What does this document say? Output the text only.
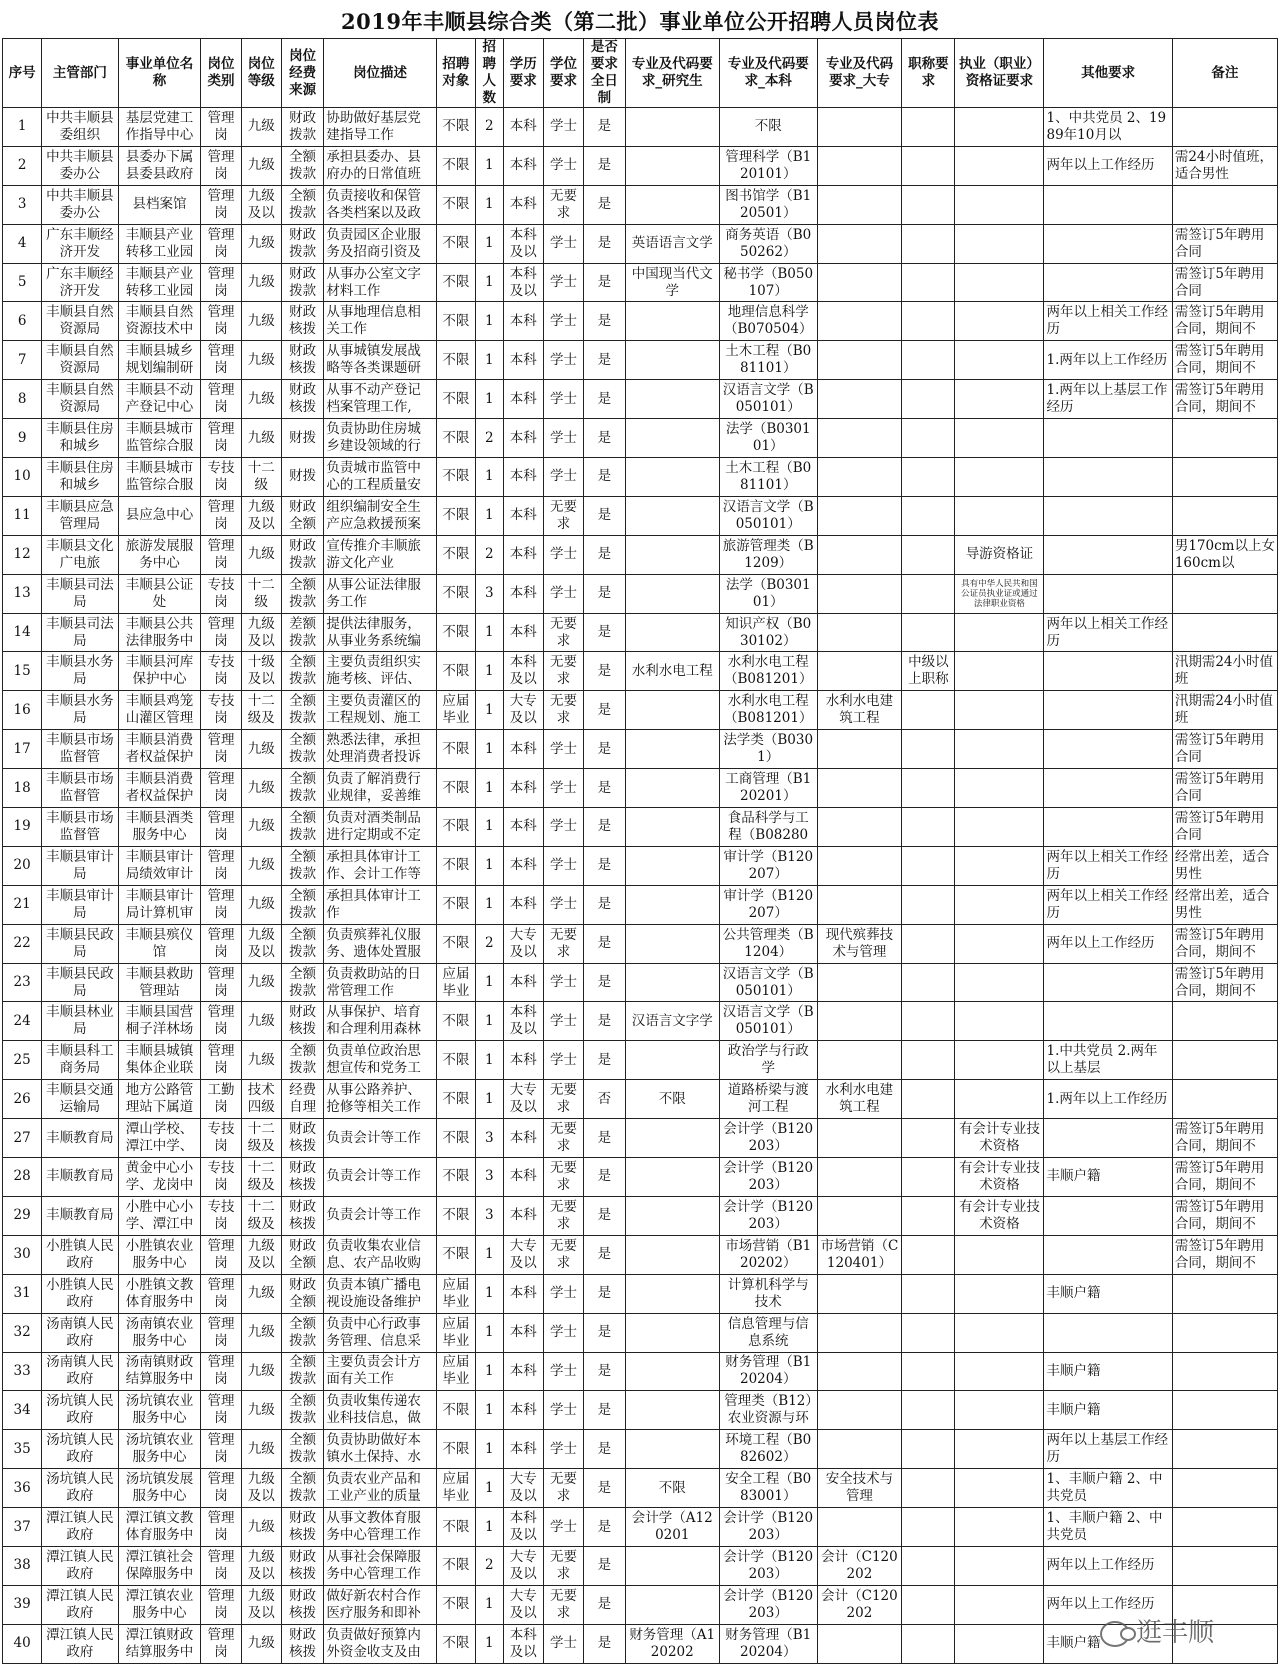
2019年丰顺县综合类（第二批）事业单位公开招聘人员岗位表
序号	主管部门	事业单位名称	岗位类别	岗位等级	岗位经费来源	岗位描述	招聘对象	招聘人数	学历要求	学位要求	是否要求全日制	专业及代码要求_研究生	专业及代码要求_本科	专业及代码要求_大专	职称要求	执业（职业）资格证要求	其他要求	备注

1	中共丰顺县委组织	基层党建工作指导中心	管理岗	九级	财政拨款	协助做好基层党建指导工作	不限	2	本科	学士	是		不限				1、中共党员 2、1989年10月以	

2	中共丰顺县委办公	县委办下属县委县政府	管理岗	九级	全额拨款	承担县委办、县府办的日常值班	不限	1	本科	学士	是		管理科学（B120101）				两年以上工作经历	需24小时值班，适合男性

3	中共丰顺县委办公	县档案馆	管理岗	九级及以	全额拨款	负责接收和保管各类档案以及政	不限	1	本科	无要求	是		图书馆学（B120501）					

4	广东丰顺经济开发	丰顺县产业转移工业园	管理岗	九级	财政拨款	负责园区企业服务及招商引资及	不限	1	本科及以	学士	是	英语语言文学	商务英语（B050262）					需签订5年聘用合同

5	广东丰顺经济开发	丰顺县产业转移工业园	管理岗	九级	财政拨款	从事办公室文字材料工作	不限	1	本科及以	学士	是	中国现当代文学	秘书学（B050107）					需签订5年聘用合同

6	丰顺县自然资源局	丰顺县自然资源技术中	管理岗	九级	财政核拨	从事地理信息相关工作	不限	1	本科	学士	是		地理信息科学（B070504）				两年以上相关工作经历	需签订5年聘用合同，期间不

7	丰顺县自然资源局	丰顺县城乡规划编制研	管理岗	九级	财政核拨	从事城镇发展战略等各类课题研	不限	1	本科	学士	是		土木工程（B081101）				1.两年以上工作经历	需签订5年聘用合同，期间不

8	丰顺县自然资源局	丰顺县不动产登记中心	管理岗	九级	财政核拨	从事不动产登记档案管理工作,	不限	1	本科	学士	是		汉语言文学（B050101）				1.两年以上基层工作经历	需签订5年聘用合同，期间不

9	丰顺县住房和城乡	丰顺县城市监管综合服	管理岗	九级	财拨	负责协助住房城乡建设领域的行	不限	2	本科	学士	是		法学（B030101）					

10	丰顺县住房和城乡	丰顺县城市监管综合服	专技岗	十二级	财拨	负责城市监管中心的工程质量安	不限	1	本科	学士	是		土木工程（B081101）					

11	丰顺县应急管理局	县应急中心	管理岗	九级及以	财政全额	组织编制安全生产应急救援预案	不限	1	本科	无要求	是		汉语言文学（B050101）					

12	丰顺县文化广电旅	旅游发展服务中心	管理岗	九级	财政拨款	宣传推介丰顺旅游文化产业	不限	2	本科	学士	是		旅游管理类（B1209）			导游资格证		男170cm以上女160cm以

13	丰顺县司法局	丰顺县公证处	专技岗	十二级	全额拨款	从事公证法律服务工作	不限	3	本科	学士	是		法学（B030101）			具有中华人民共和国公证员执业证或通过法律职业资格		

14	丰顺县司法局	丰顺县公共法律服务中	管理岗	九级及以	差额拨款	提供法律服务，从事业务系统编	不限	1	本科	无要求	是		知识产权（B030102）				两年以上相关工作经历	

15	丰顺县水务局	丰顺县河库保护中心	专技岗	十级及以	全额拨款	主要负责组织实施考核、评估、	不限	1	本科及以	无要求	是	水利水电工程	水利水电工程（B081201）		中级以上职称			汛期需24小时值班

16	丰顺县水务局	丰顺县鸡笼山灌区管理	专技岗	十二级及	全额拨款	主要负责灌区的工程规划、施工	应届毕业	1	大专及以	无要求	是		水利水电工程（B081201）	水利水电建筑工程				汛期需24小时值班

17	丰顺县市场监督管	丰顺县消费者权益保护	管理岗	九级	全额拨款	熟悉法律，承担处理消费者投诉	不限	1	本科	学士	是		法学类（B0301）					需签订5年聘用合同

18	丰顺县市场监督管	丰顺县消费者权益保护	管理岗	九级	全额拨款	负责了解消费行业规律，妥善维	不限	1	本科	学士	是		工商管理（B120201）					需签订5年聘用合同

19	丰顺县市场监督管	丰顺县酒类服务中心	管理岗	九级	全额拨款	负责对酒类制品进行定期或不定	不限	1	本科	学士	是		食品科学与工程（B08280					需签订5年聘用合同

20	丰顺县审计局	丰顺县审计局绩效审计	管理岗	九级	全额拨款	承担具体审计工作、会计工作等	不限	1	本科	学士	是		审计学（B120207）				两年以上相关工作经历	经常出差，适合男性

21	丰顺县审计局	丰顺县审计局计算机审	管理岗	九级	全额拨款	承担具体审计工作	不限	1	本科	学士	是		审计学（B120207）				两年以上相关工作经历	经常出差，适合男性

22	丰顺县民政局	丰顺县殡仪馆	管理岗	九级及以	全额拨款	负责殡葬礼仪服务、遗体处置服	不限	2	大专及以	无要求	是		公共管理类（B1204）	现代殡葬技术与管理			两年以上工作经历	需签订5年聘用合同，期间不

23	丰顺县民政局	丰顺县救助管理站	管理岗	九级	全额拨款	负责救助站的日常管理工作	应届毕业	1	本科	学士	是		汉语言文学（B050101）					需签订5年聘用合同，期间不

24	丰顺县林业局	丰顺县国营桐子洋林场	管理岗	九级	财政核拨	从事保护、培育和合理利用森林	不限	1	本科及以	学士	是	汉语言文字学	汉语言文学（B050101）					

25	丰顺县科工商务局	丰顺县城镇集体企业联	管理岗	九级	全额拨款	负责单位政治思想宣传和党务工	不限	1	本科	学士	是		政治学与行政学				1.中共党员 2.两年以上基层	

26	丰顺县交通运输局	地方公路管理站下属道	工勤岗	技术四级	经费自理	从事公路养护、抢修等相关工作	不限	1	大专及以	无要求	否	不限	道路桥梁与渡河工程	水利水电建筑工程			1.两年以上工作经历	

27	丰顺教育局	潭山学校、潭江中学、	专技岗	十二级及	财政核拨	负责会计等工作	不限	3	本科	无要求	是		会计学（B120203）			有会计专业技术资格		需签订5年聘用合同，期间不

28	丰顺教育局	黄金中心小学、龙岗中	专技岗	十二级及	财政核拨	负责会计等工作	不限	3	本科	无要求	是		会计学（B120203）			有会计专业技术资格	丰顺户籍	需签订5年聘用合同，期间不

29	丰顺教育局	小胜中心小学、潭江中	专技岗	十二级及	财政核拨	负责会计等工作	不限	3	本科	无要求	是		会计学（B120203）			有会计专业技术资格		需签订5年聘用合同，期间不

30	小胜镇人民政府	小胜镇农业服务中心	管理岗	九级及以	财政全额	负责收集农业信息、农产品收购	不限	1	大专及以	无要求	是		市场营销（B120202）	市场营销（C120401）				需签订5年聘用合同，期间不

31	小胜镇人民政府	小胜镇文教体育服务中	管理岗	九级	财政全额	负责本镇广播电视设施设备维护	应届毕业	1	本科	学士	是		计算机科学与技术				丰顺户籍	

32	汤南镇人民政府	汤南镇农业服务中心	管理岗	九级	全额拨款	负责中心行政事务管理、信息采	应届毕业	1	本科	学士	是		信息管理与信息系统					

33	汤南镇人民政府	汤南镇财政结算服务中	管理岗	九级	全额拨款	主要负责会计方面有关工作	应届毕业	1	本科	学士	是		财务管理（B120204）				丰顺户籍	

34	汤坑镇人民政府	汤坑镇农业服务中心	管理岗	九级	全额拨款	负责收集传递农业科技信息，做	不限	1	本科	学士	是		管理类（B12）农业资源与环				丰顺户籍	

35	汤坑镇人民政府	汤坑镇农业服务中心	管理岗	九级	全额拨款	负责协助做好本镇水土保持、水	不限	1	本科	学士	是		环境工程（B082602）				两年以上基层工作经历	

36	汤坑镇人民政府	汤坑镇发展服务中心	管理岗	九级及以	全额拨款	负责农业产品和工业产业的质量	应届毕业	1	大专及以	无要求	是	不限	安全工程（B083001）	安全技术与管理			1、丰顺户籍 2、中共党员	

37	潭江镇人民政府	潭江镇文教体育服务中	管理岗	九级	财政核拨	从事文教体育服务中心管理工作	不限	1	本科及以	学士	是	会计学（A120201	会计学（B120203）				1、丰顺户籍 2、中共党员	

38	潭江镇人民政府	潭江镇社会保障服务中	管理岗	九级及以	财政核拨	从事社会保障服务中心管理工作	不限	2	大专及以	无要求	是		会计学（B120203）	会计（C120202			两年以上工作经历	

39	潭江镇人民政府	潭江镇农业服务中心	管理岗	九级及以	财政核拨	做好新农村合作医疗服务和即补	不限	1	大专及以	无要求	是		会计学（B120203）	会计（C120202			两年以上工作经历	

40	潭江镇人民政府	潭江镇财政结算服务中	管理岗	九级	财政核拨	负责做好预算内外资金收支及由	不限	1	本科及以	学士	是	财务管理（A120202	财务管理（B120204）				丰顺户籍	
		逛丰顺
